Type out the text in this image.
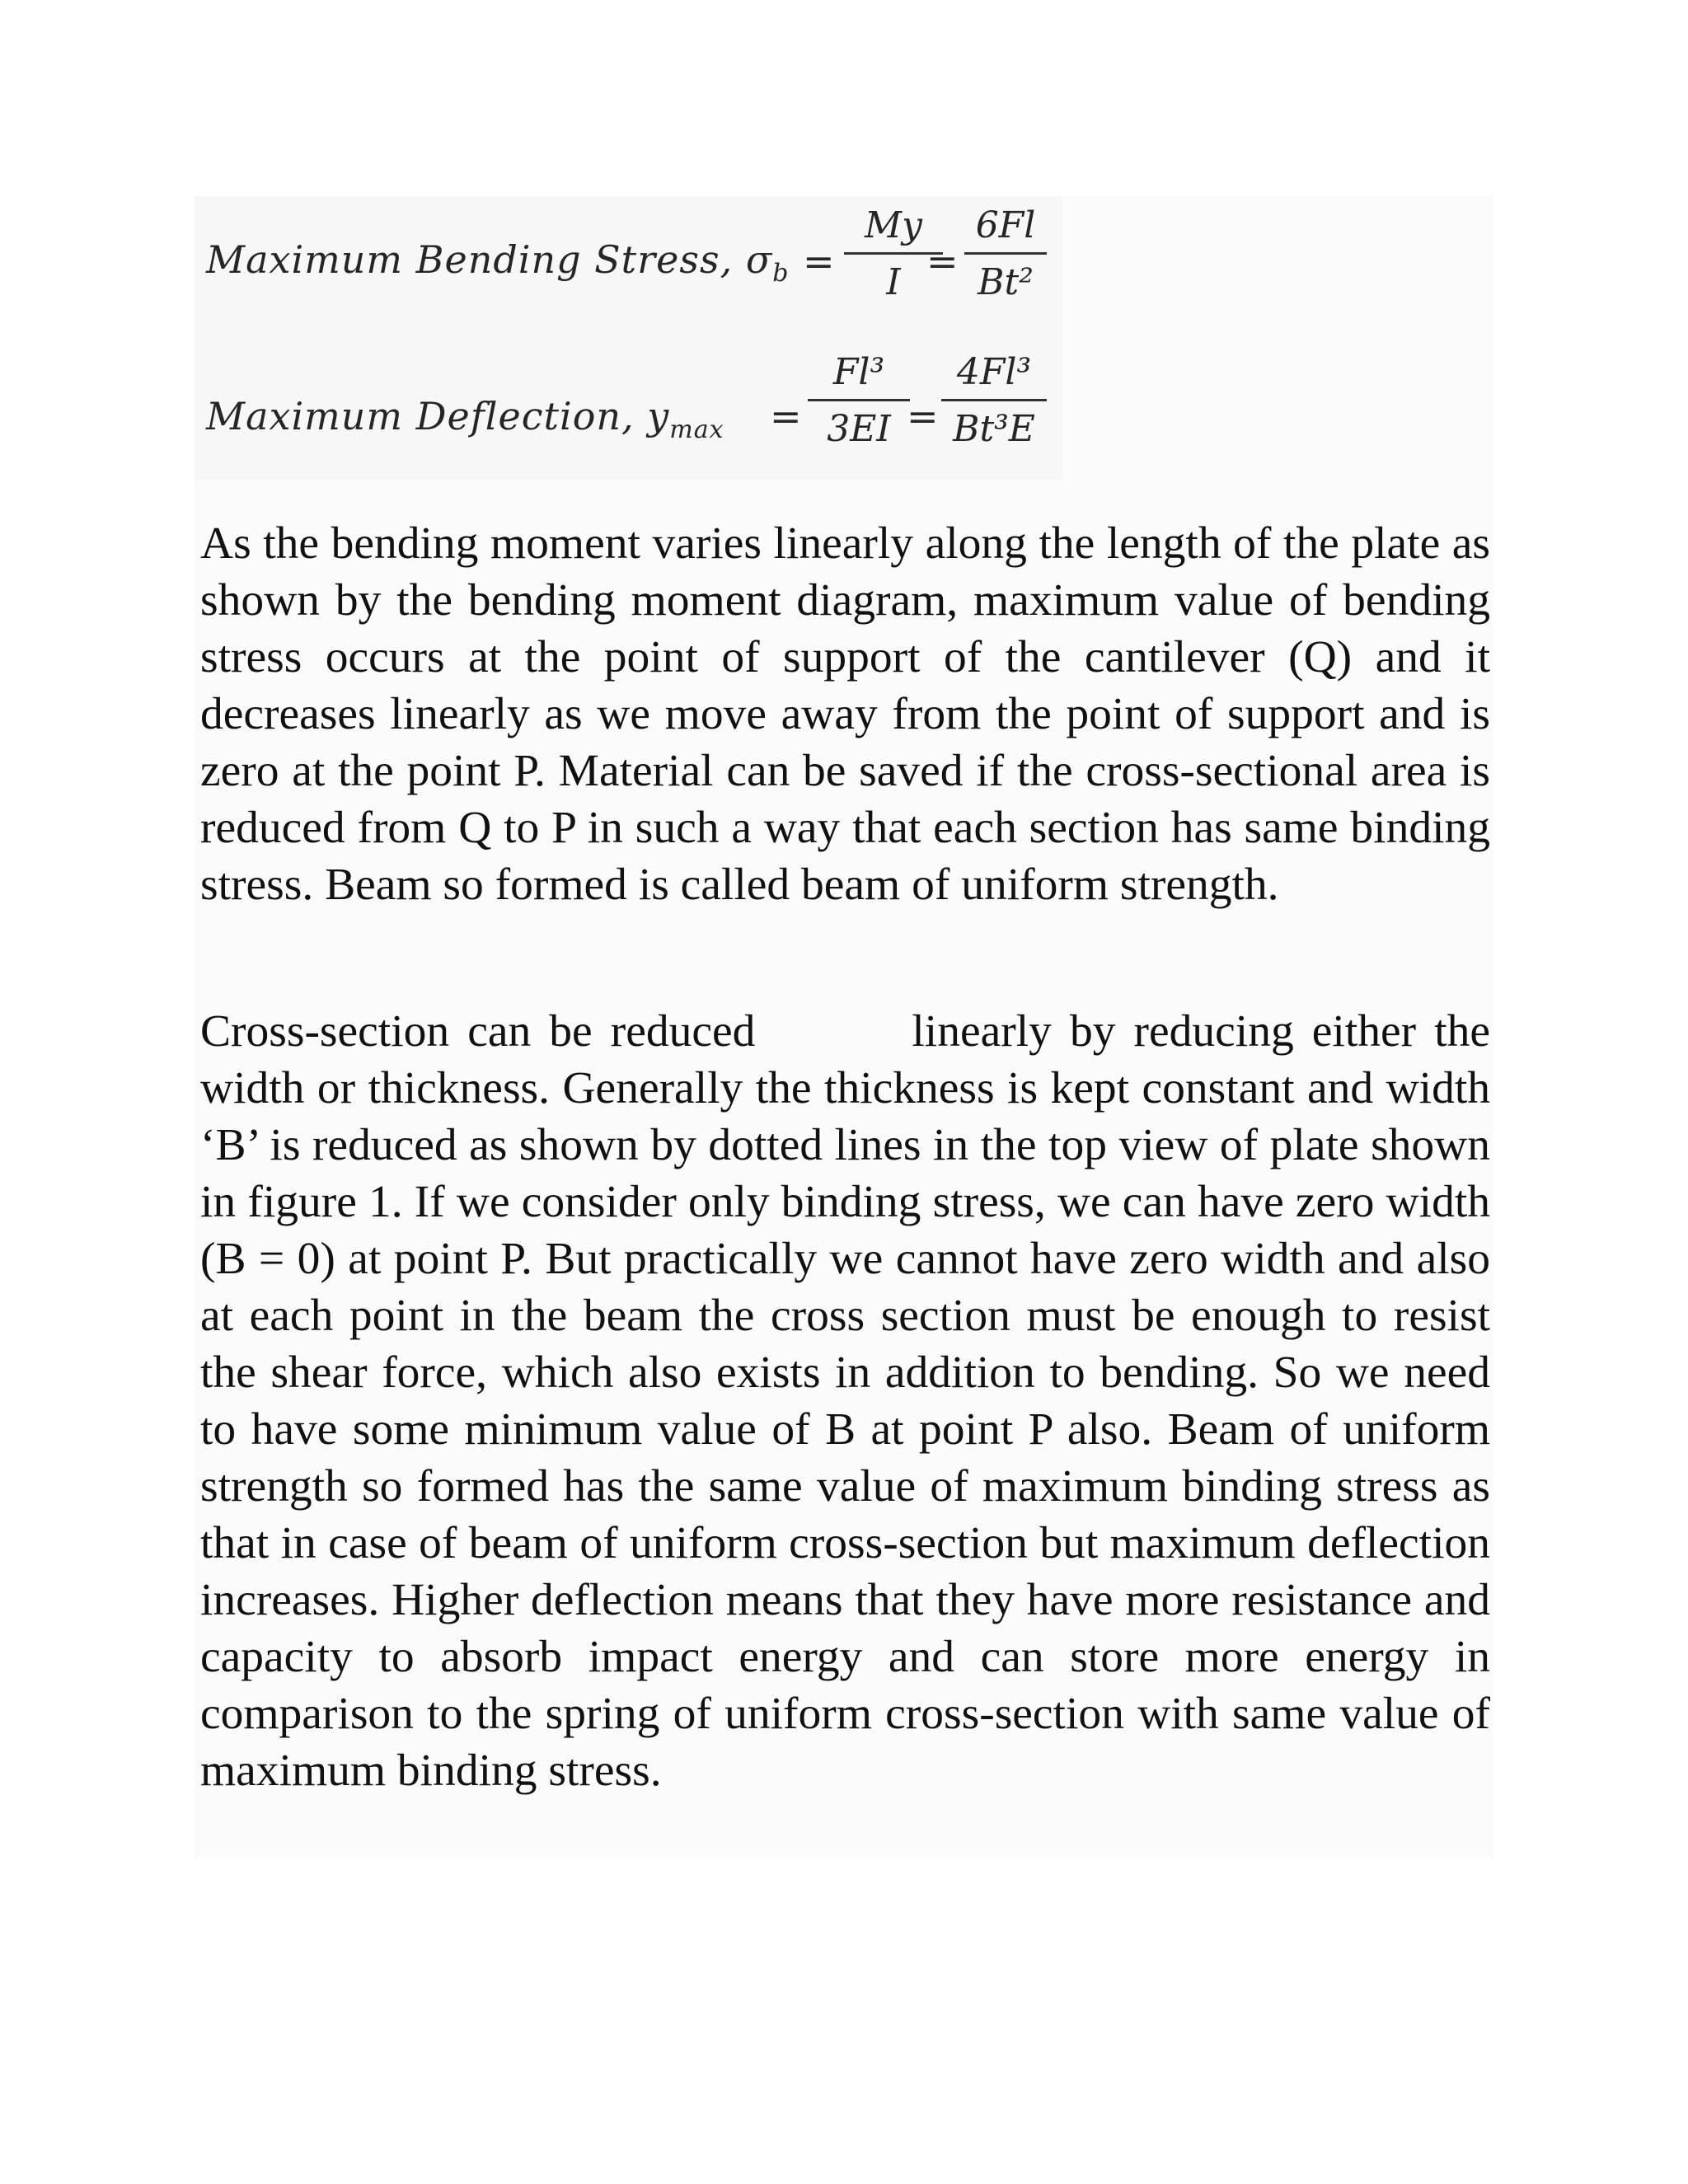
Maximum Bending Stress, $\sigma_b$ =
My
I =
6Fl
Bt²
Maximum Deflection, $y_{max}$ =
Fl³
3EI =
4Fl³
Bt³E

As the bending moment varies linearly along the length of the plate as shown by the bending moment diagram, maximum value of bending stress occurs at the point of support of the cantilever (Q) and it decreases linearly as we move away from the point of support and is zero at the point P. Material can be saved if the cross-sectional area is reduced from Q to P in such a way that each section has same binding stress. Beam so formed is called beam of uniform strength.

Cross-section can be reduced	linearly by reducing either the width or thickness. Generally the thickness is kept constant and width ‘B’ is reduced as shown by dotted lines in the top view of plate shown in figure 1. If we consider only binding stress, we can have zero width (B = 0) at point P. But practically we cannot have zero width and also at each point in the beam the cross section must be enough to resist the shear force, which also exists in addition to bending. So we need to have some minimum value of B at point P also. Beam of uniform strength so formed has the same value of maximum binding stress as that in case of beam of uniform cross-section but maximum deflection increases. Higher deflection means that they have more resistance and capacity to absorb impact energy and can store more energy in comparison to the spring of uniform cross-section with same value of maximum binding stress.
